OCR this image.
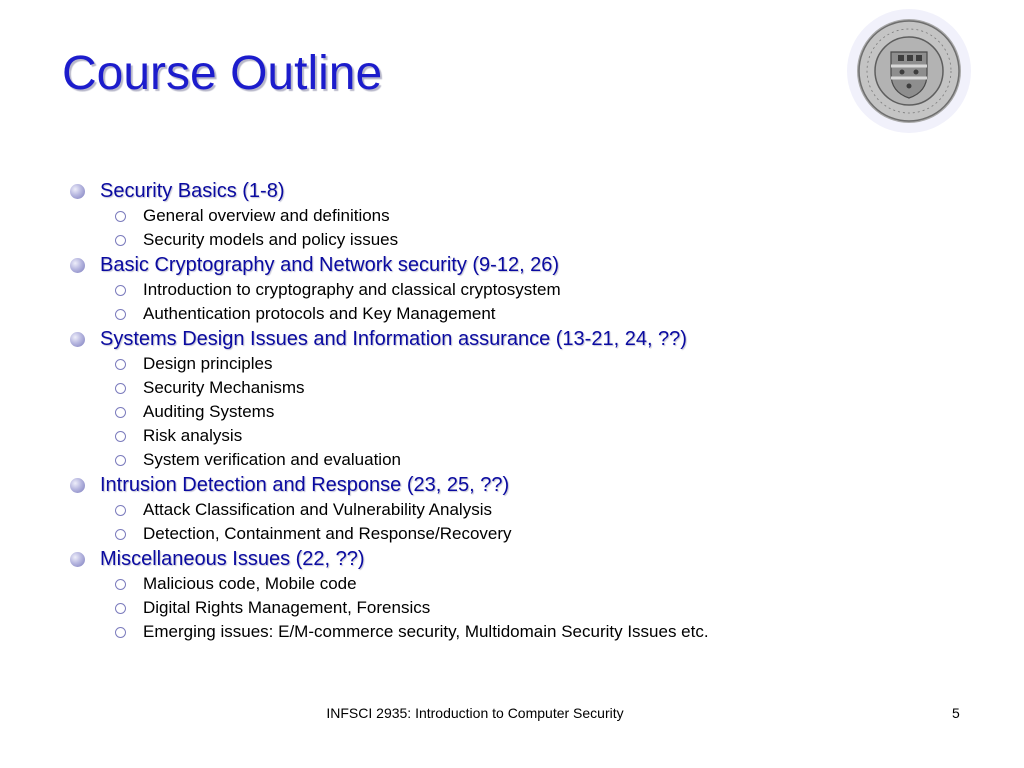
Course Outline
Security Basics (1-8)
General overview and definitions
Security models and policy issues
Basic Cryptography and Network security (9-12, 26)
Introduction to cryptography and classical cryptosystem
Authentication protocols and Key Management
Systems Design Issues and Information assurance (13-21, 24, ??)
Design principles
Security Mechanisms
Auditing Systems
Risk analysis
System verification and evaluation
Intrusion Detection and Response (23, 25, ??)
Attack Classification and Vulnerability Analysis
Detection, Containment and Response/Recovery
Miscellaneous Issues (22, ??)
Malicious code, Mobile code
Digital Rights Management, Forensics
Emerging issues: E/M-commerce security, Multidomain Security Issues etc.
INFSCI 2935: Introduction to Computer Security	5
